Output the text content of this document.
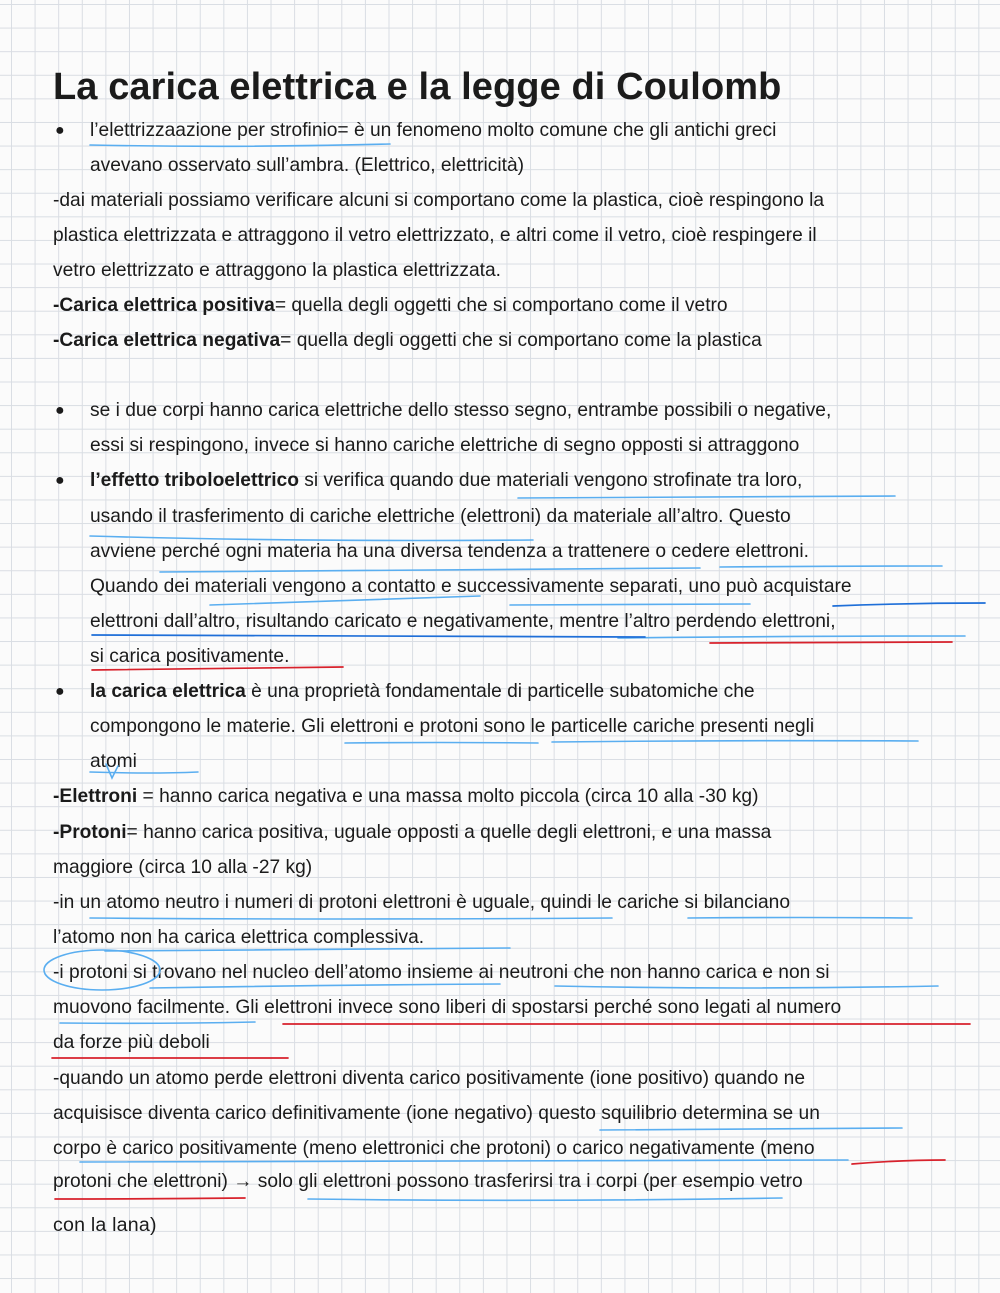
La carica elettrica e la legge di Coulomb
● l’elettrizzaazione per strofinio= è un fenomeno molto comune che gli antichi greci
avevano osservato sull’ambra. (Elettrico, elettricità)
-dai materiali possiamo verificare alcuni si comportano come la plastica, cioè respingono la
plastica elettrizzata e attraggono il vetro elettrizzato, e altri come il vetro, cioè respingere il
vetro elettrizzato e attraggono la plastica elettrizzata.
-Carica elettrica positiva= quella degli oggetti che si comportano come il vetro
-Carica elettrica negativa= quella degli oggetti che si comportano come la plastica
● se i due corpi hanno carica elettriche dello stesso segno, entrambe possibili o negative,
essi si respingono, invece si hanno cariche elettriche di segno opposti si attraggono
● l’effetto triboloelettrico si verifica quando due materiali vengono strofinate tra loro,
usando il trasferimento di cariche elettriche (elettroni) da materiale all’altro. Questo
avviene perché ogni materia ha una diversa tendenza a trattenere o cedere elettroni.
Quando dei materiali vengono a contatto e successivamente separati, uno può acquistare
elettroni dall’altro, risultando caricato e negativamente, mentre l’altro perdendo elettroni,
si carica positivamente.
● la carica elettrica è una proprietà fondamentale di particelle subatomiche che
compongono le materie. Gli elettroni e protoni sono le particelle cariche presenti negli
atomi
-Elettroni = hanno carica negativa e una massa molto piccola (circa 10 alla -30 kg)
-Protoni= hanno carica positiva, uguale opposti a quelle degli elettroni, e una massa
maggiore (circa 10 alla -27 kg)
-in un atomo neutro i numeri di protoni elettroni è uguale, quindi le cariche si bilanciano
l’atomo non ha carica elettrica complessiva.
-i protoni si trovano nel nucleo dell’atomo insieme ai neutroni che non hanno carica e non si
muovono facilmente. Gli elettroni invece sono liberi di spostarsi perché sono legati al numero
da forze più deboli
-quando un atomo perde elettroni diventa carico positivamente (ione positivo) quando ne
acquisisce diventa carico definitivamente (ione negativo) questo squilibrio determina se un
corpo è carico positivamente (meno elettronici che protoni) o carico negativamente (meno
protoni che elettroni) → solo gli elettroni possono trasferirsi tra i corpi (per esempio vetro
con la lana)
